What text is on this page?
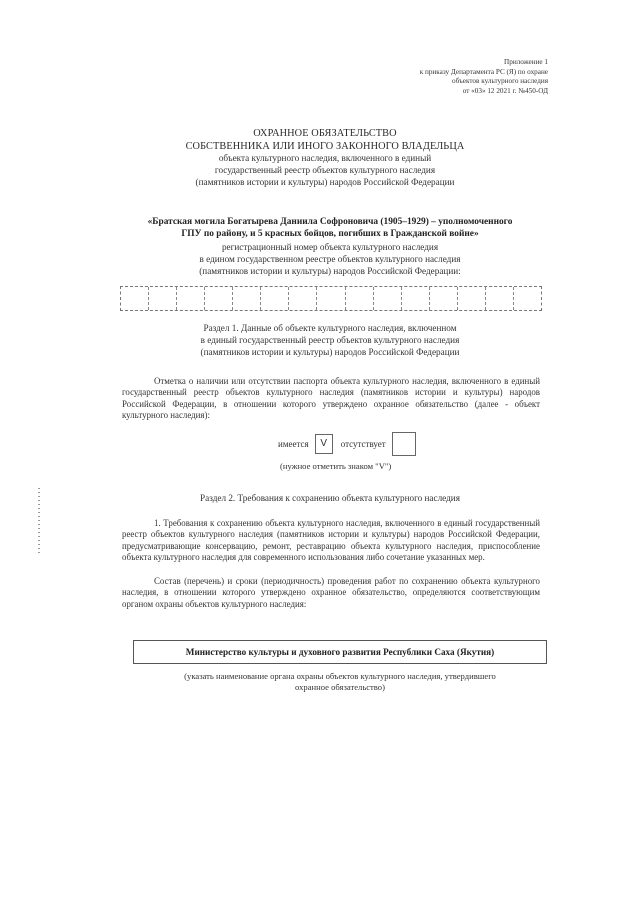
Приложение 1
к приказу Департамента РС (Я) по охране
объектов культурного наследия
от «03» 12 2021 г. №450-ОД
ОХРАННОЕ ОБЯЗАТЕЛЬСТВО
СОБСТВЕННИКА ИЛИ ИНОГО ЗАКОННОГО ВЛАДЕЛЬЦА
объекта культурного наследия, включенного в единый
государственный реестр объектов культурного наследия
(памятников истории и культуры) народов Российской Федерации
«Братская могила Богатырева Даниила Софроновича (1905–1929) – уполномоченного
ГПУ по району, и 5 красных бойцов, погибших в Гражданской войне»
регистрационный номер объекта культурного наследия
в едином государственном реестре объектов культурного наследия
(памятников истории и культуры) народов Российской Федерации:
Раздел 1. Данные об объекте культурного наследия, включенном
в единый государственный реестр объектов культурного наследия
(памятников истории и культуры) народов Российской Федерации
Отметка о наличии или отсутствии паспорта объекта культурного наследия, включенного в единый государственный реестр объектов культурного наследия (памятников истории и культуры) народов Российской Федерации, в отношении которого утверждено охранное обязательство (далее - объект культурного наследия):
имеется	V	отсутствует
(нужное отметить знаком "V")
Раздел 2. Требования к сохранению объекта культурного наследия
1. Требования к сохранению объекта культурного наследия, включенного в единый государственный реестр объектов культурного наследия (памятников истории и культуры) народов Российской Федерации, предусматривающие консервацию, ремонт, реставрацию объекта культурного наследия, приспособление объекта культурного наследия для современного использования либо сочетание указанных мер.
Состав (перечень) и сроки (периодичность) проведения работ по сохранению объекта культурного наследия, в отношении которого утверждено охранное обязательство, определяются соответствующим органом охраны объектов культурного наследия:
Министерство культуры и духовного развития Республики Саха (Якутия)
(указать наименование органа охраны объектов культурного наследия, утвердившего
охранное обязательство)
